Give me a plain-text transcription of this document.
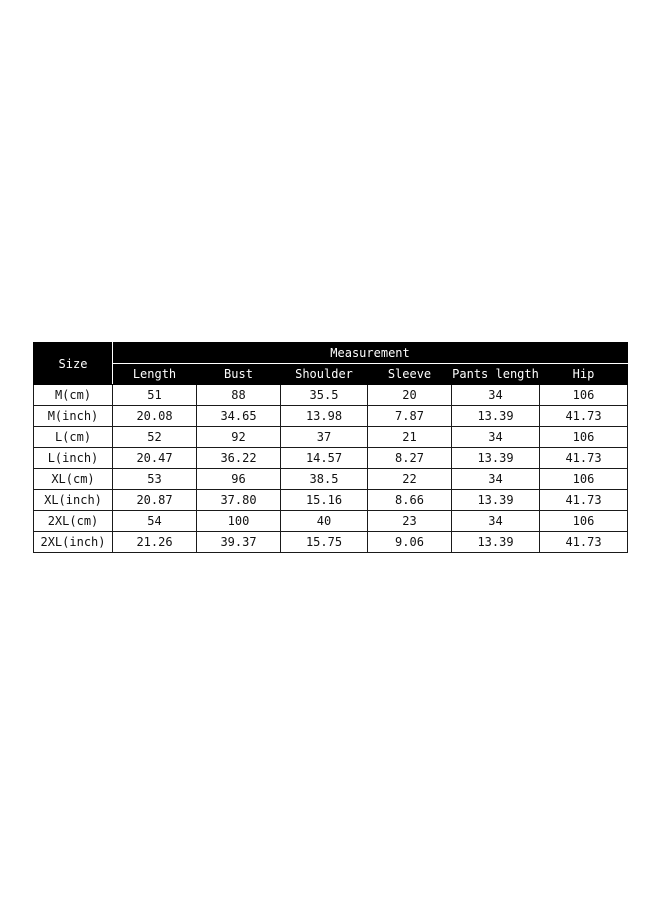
Size	Measurement					
	Length	Bust	Shoulder	Sleeve	Pants length	Hip
M(cm)	51	88	35.5	20	34	106
M(inch)	20.08	34.65	13.98	7.87	13.39	41.73
L(cm)	52	92	37	21	34	106
L(inch)	20.47	36.22	14.57	8.27	13.39	41.73
XL(cm)	53	96	38.5	22	34	106
XL(inch)	20.87	37.80	15.16	8.66	13.39	41.73
2XL(cm)	54	100	40	23	34	106
2XL(inch)	21.26	39.37	15.75	9.06	13.39	41.73
